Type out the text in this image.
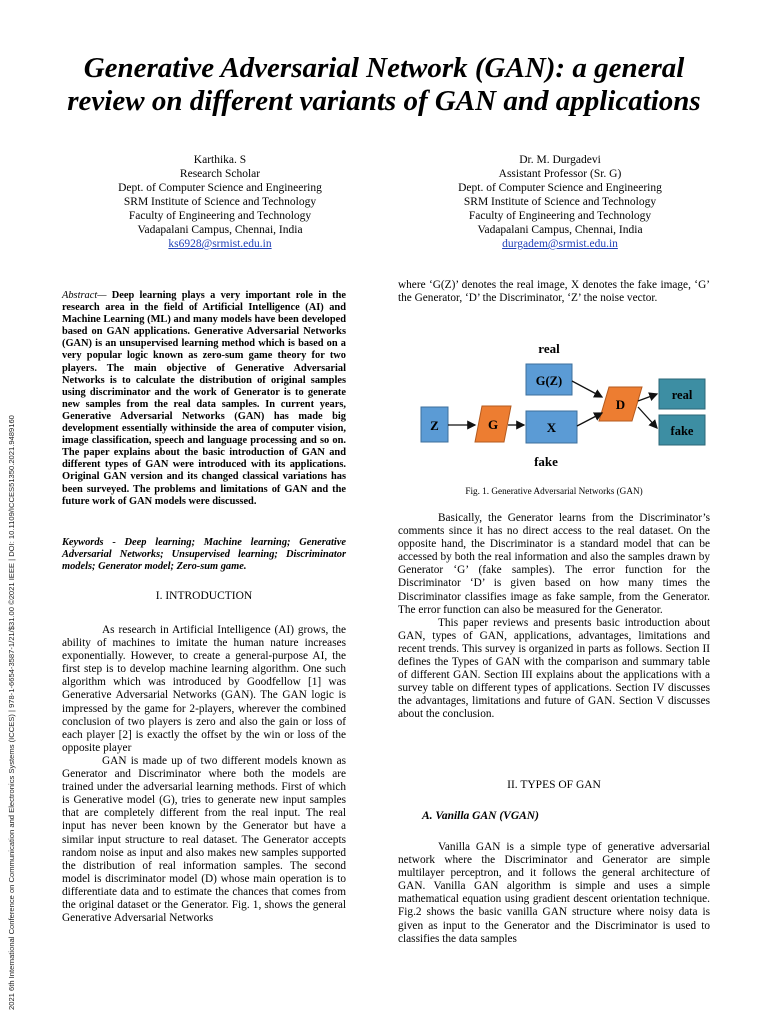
2021 6th International Conference on Communication and Electronics Systems (ICCES) | 978-1-6654-3587-1/21/$31.00 ©2021 IEEE | DOI: 10.1109/ICCES51350.2021.9489160
Generative Adversarial Network (GAN): a general review on different variants of GAN and applications
Karthika. S
Research Scholar
Dept. of Computer Science and Engineering
SRM Institute of Science and Technology
Faculty of Engineering and Technology
Vadapalani Campus, Chennai, India
ks6928@srmist.edu.in
Dr. M. Durgadevi
Assistant Professor (Sr. G)
Dept. of Computer Science and Engineering
SRM Institute of Science and Technology
Faculty of Engineering and Technology
Vadapalani Campus, Chennai, India
durgadem@srmist.edu.in

Abstract— Deep learning plays a very important role in the research area in the field of Artificial Intelligence (AI) and Machine Learning (ML) and many models have been developed based on GAN applications. Generative Adversarial Networks (GAN) is an unsupervised learning method which is based on a very popular logic known as zero-sum game theory for two players. The main objective of Generative Adversarial Networks is to calculate the distribution of original samples using discriminator and the work of Generator is to generate new samples from the real data samples. In current years, Generative Adversarial Networks (GAN) has made big development essentially withinside the area of computer vision, image classification, speech and language processing and so on. The paper explains about the basic introduction of GAN and different types of GAN were introduced with its applications. Original GAN version and its changed classical variations has been surveyed. The problems and limitations of GAN and the future work of GAN models were discussed.

Keywords - Deep learning; Machine learning; Generative Adversarial Networks; Unsupervised learning; Discriminator models; Generator model; Zero-sum game.

I. INTRODUCTION

As research in Artificial Intelligence (AI) grows, the ability of machines to imitate the human nature increases exponentially. However, to create a general-purpose AI, the first step is to develop machine learning algorithm. One such algorithm which was introduced by Goodfellow [1] was Generative Adversarial Networks (GAN). The GAN logic is impressed by the game for 2-players, wherever the combined conclusion of two players is zero and also the gain or loss of each player [2] is exactly the offset by the win or loss of the opposite player

GAN is made up of two different models known as Generator and Discriminator where both the models are trained under the adversarial learning methods. First of which is Generative model (G), tries to generate new input samples that are completely different from the real input. The real input has never been known by the Generator but have a similar input structure to real dataset. The Generator accepts random noise as input and also makes new samples supported the distribution of real information samples. The second model is discriminator model (D) whose main operation is to differentiate data and to estimate the chances that comes from the original dataset or the Generator. Fig. 1, shows the general Generative Adversarial Networks

where ‘G(Z)’ denotes the real image, X denotes the fake image, ‘G’ the Generator, ‘D’ the Discriminator, ‘Z’ the noise vector.

real
fake
Z	G
G(Z)
X
D
real
fake
Fig. 1. Generative Adversarial Networks (GAN)

Basically, the Generator learns from the Discriminator’s comments since it has no direct access to the real dataset. On the opposite hand, the Discriminator is a standard model that can be accessed by both the real information and also the samples drawn by Generator ‘G’ (fake samples). The error function for the Discriminator ‘D’ is given based on how many times the Discriminator classifies image as fake sample, from the Generator. The error function can also be measured for the Generator.

This paper reviews and presents basic introduction about GAN, types of GAN, applications, advantages, limitations and recent trends. This survey is organized in parts as follows. Section II defines the Types of GAN with the comparison and summary table of different GAN. Section III explains about the applications with a survey table on different types of applications. Section IV discusses the advantages, limitations and future of GAN. Section V discusses about the conclusion.

II. TYPES OF GAN
A. Vanilla GAN (VGAN)

Vanilla GAN is a simple type of generative adversarial network where the Discriminator and Generator are simple multilayer perceptron, and it follows the general architecture of GAN. Vanilla GAN algorithm is simple and uses a simple mathematical equation using gradient descent orientation technique. Fig.2 shows the basic vanilla GAN structure where noisy data is given as input to the Generator and the Discriminator is used to classifies the data samples
